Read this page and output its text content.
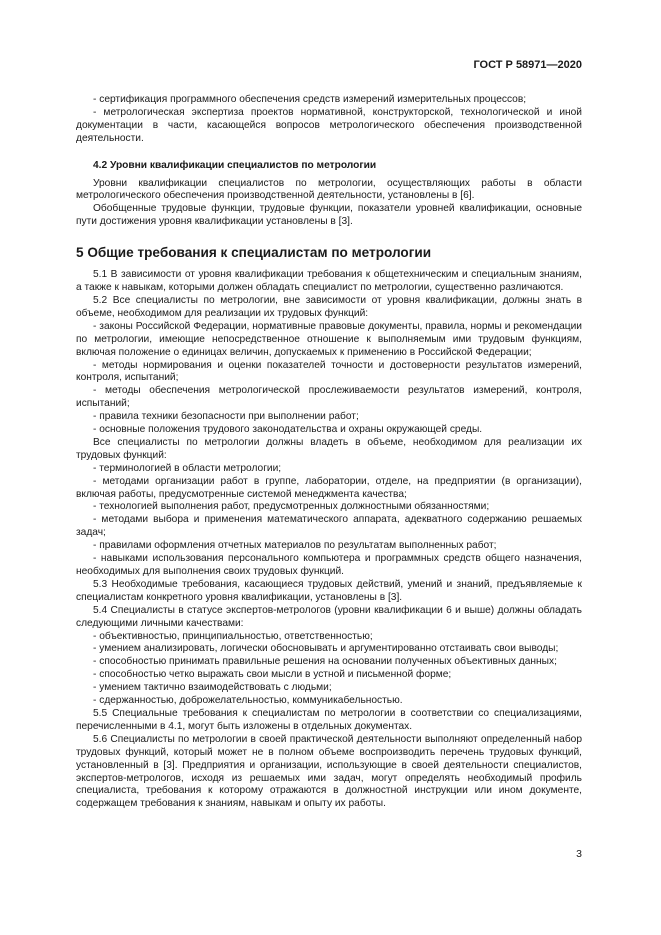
ГОСТ Р 58971—2020

- сертификация программного обеспечения средств измерений измерительных процессов;

- метрологическая экспертиза проектов нормативной, конструкторской, технологической и иной документации в части, касающейся вопросов метрологического обеспечения производственной деятельности.

4.2 Уровни квалификации специалистов по метрологии

Уровни квалификации специалистов по метрологии, осуществляющих работы в области метрологического обеспечения производственной деятельности, установлены в [6].

Обобщенные трудовые функции, трудовые функции, показатели уровней квалификации, основные пути достижения уровня квалификации установлены в [3].

5 Общие требования к специалистам по метрологии

5.1 В зависимости от уровня квалификации требования к общетехническим и специальным знаниям, а также к навыкам, которыми должен обладать специалист по метрологии, существенно различаются.

5.2 Все специалисты по метрологии, вне зависимости от уровня квалификации, должны знать в объеме, необходимом для реализации их трудовых функций:

- законы Российской Федерации, нормативные правовые документы, правила, нормы и рекомендации по метрологии, имеющие непосредственное отношение к выполняемым ими трудовым функциям, включая положение о единицах величин, допускаемых к применению в Российской Федерации;

- методы нормирования и оценки показателей точности и достоверности результатов измерений, контроля, испытаний;

- методы обеспечения метрологической прослеживаемости результатов измерений, контроля, испытаний;

- правила техники безопасности при выполнении работ;

- основные положения трудового законодательства и охраны окружающей среды.

Все специалисты по метрологии должны владеть в объеме, необходимом для реализации их трудовых функций:

- терминологией в области метрологии;

- методами организации работ в группе, лаборатории, отделе, на предприятии (в организации), включая работы, предусмотренные системой менеджмента качества;

- технологией выполнения работ, предусмотренных должностными обязанностями;

- методами выбора и применения математического аппарата, адекватного содержанию решаемых задач;

- правилами оформления отчетных материалов по результатам выполненных работ;

- навыками использования персонального компьютера и программных средств общего назначения, необходимых для выполнения своих трудовых функций.

5.3 Необходимые требования, касающиеся трудовых действий, умений и знаний, предъявляемые к специалистам конкретного уровня квалификации, установлены в [3].

5.4 Специалисты в статусе экспертов-метрологов (уровни квалификации 6 и выше) должны обладать следующими личными качествами:

- объективностью, принципиальностью, ответственностью;

- умением анализировать, логически обосновывать и аргументированно отстаивать свои выводы;

- способностью принимать правильные решения на основании полученных объективных данных;

- способностью четко выражать свои мысли в устной и письменной форме;

- умением тактично взаимодействовать с людьми;

- сдержанностью, доброжелательностью, коммуникабельностью.

5.5 Специальные требования к специалистам по метрологии в соответствии со специализациями, перечисленными в 4.1, могут быть изложены в отдельных документах.

5.6 Специалисты по метрологии в своей практической деятельности выполняют определенный набор трудовых функций, который может не в полном объеме воспроизводить перечень трудовых функций, установленный в [3]. Предприятия и организации, использующие в своей деятельности специалистов, экспертов-метрологов, исходя из решаемых ими задач, могут определять необходимый профиль специалиста, требования к которому отражаются в должностной инструкции или ином документе, содержащем требования к знаниям, навыкам и опыту их работы.

3
